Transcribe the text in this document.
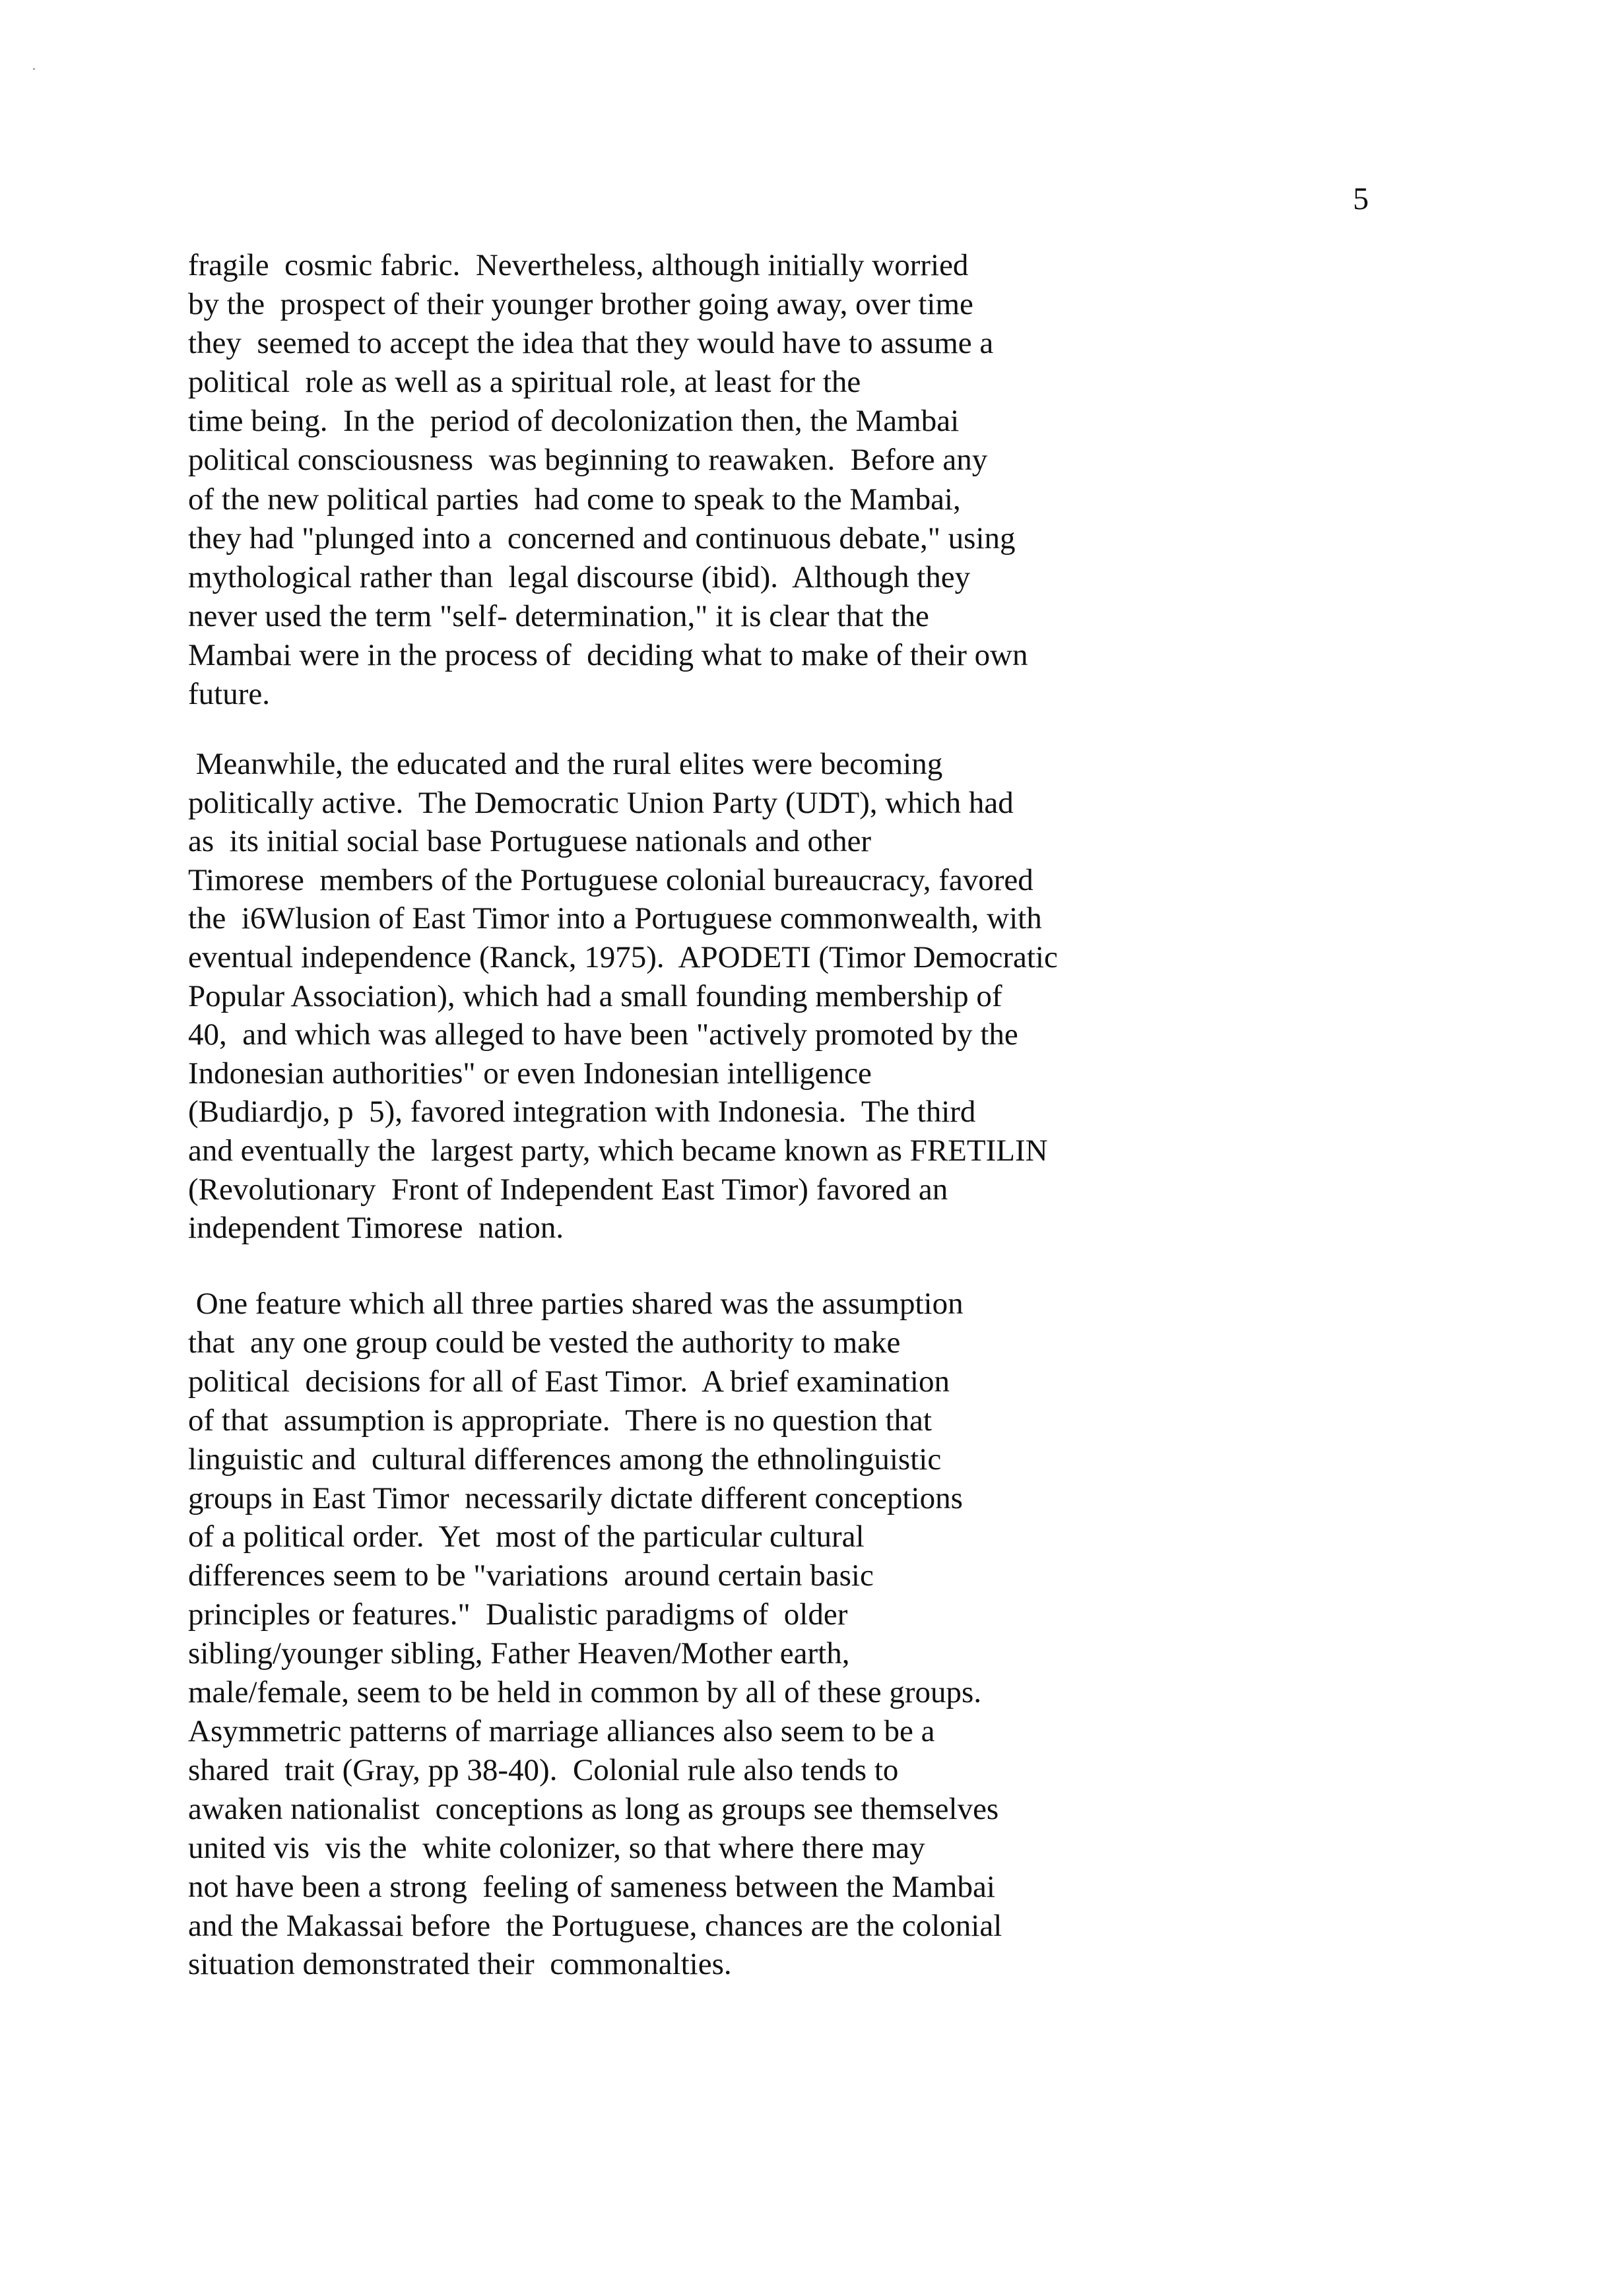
5
fragile  cosmic fabric.  Nevertheless, although initially worried
by the  prospect of their younger brother going away, over time
they  seemed to accept the idea that they would have to assume a
political  role as well as a spiritual role, at least for the
time being.  In the  period of decolonization then, the Mambai
political consciousness  was beginning to reawaken.  Before any
of the new political parties  had come to speak to the Mambai,
they had "plunged into a  concerned and continuous debate," using
mythological rather than  legal discourse (ibid).  Although they
never used the term "self- determination," it is clear that the
Mambai were in the process of  deciding what to make of their own
future.
Meanwhile, the educated and the rural elites were becoming
politically active.  The Democratic Union Party (UDT), which had
as  its initial social base Portuguese nationals and other
Timorese  members of the Portuguese colonial bureaucracy, favored
the  i6Wlusion of East Timor into a Portuguese commonwealth, with
eventual independence (Ranck, 1975).  APODETI (Timor Democratic
Popular Association), which had a small founding membership of
40,  and which was alleged to have been "actively promoted by the
Indonesian authorities" or even Indonesian intelligence
(Budiardjo, p  5), favored integration with Indonesia.  The third
and eventually the  largest party, which became known as FRETILIN
(Revolutionary  Front of Independent East Timor) favored an
independent Timorese  nation.
One feature which all three parties shared was the assumption
that  any one group could be vested the authority to make
political  decisions for all of East Timor.  A brief examination
of that  assumption is appropriate.  There is no question that
linguistic and  cultural differences among the ethnolinguistic
groups in East Timor  necessarily dictate different conceptions
of a political order.  Yet  most of the particular cultural
differences seem to be "variations  around certain basic
principles or features."  Dualistic paradigms of  older
sibling/younger sibling, Father Heaven/Mother earth,
male/female, seem to be held in common by all of these groups.
Asymmetric patterns of marriage alliances also seem to be a
shared  trait (Gray, pp 38-40).  Colonial rule also tends to
awaken nationalist  conceptions as long as groups see themselves
united vis  vis the  white colonizer, so that where there may
not have been a strong  feeling of sameness between the Mambai
and the Makassai before  the Portuguese, chances are the colonial
situation demonstrated their  commonalties.
